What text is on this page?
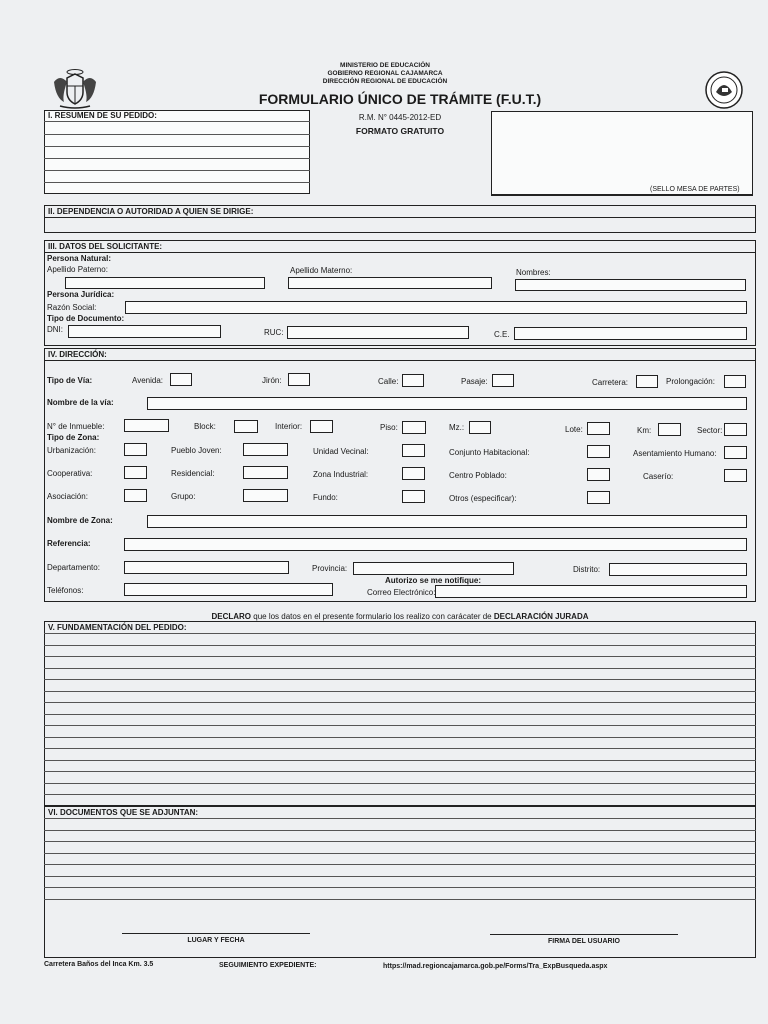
MINISTERIO DE EDUCACIÓN
GOBIERNO REGIONAL CAJAMARCA
DIRECCIÓN REGIONAL DE EDUCACIÓN
FORMULARIO ÚNICO DE TRÁMITE (F.U.T.)
I. RESUMEN DE SU PEDIDO:	R.M. N° 0445-2012-ED
FORMATO GRATUITO
(SELLO MESA DE PARTES)
II. DEPENDENCIA O AUTORIDAD A QUIEN SE DIRIGE:
III. DATOS DEL SOLICITANTE:
Persona Natural:
Apellido Paterno:	Apellido Materno:	Nombres:
Persona Jurídica:
Razón Social:
Tipo de Documento:
DNI:	RUC:	C.E.
IV. DIRECCIÓN:
Tipo de Vía:	Avenida:	Jirón:	Calle:	Pasaje:	Carretera:	Prolongación:
Nombre de la vía:
N° de Inmueble:	Block:	Interior:	Piso:	Mz.:	Lote:	Km:	Sector:
Tipo de Zona:
Urbanización:	Pueblo Joven:	Unidad Vecinal:	Conjunto Habitacional:	Asentamiento Humano:
Cooperativa:	Residencial:	Zona Industrial:	Centro Poblado:	Caserío:
Asociación:	Grupo:	Fundo:	Otros (especificar):
Nombre de Zona:
Referencia:
Departamento:	Provincia:	Distrito:
Autorizo se me notifique:
Teléfonos:	Correo Electrónico:
DECLARO que los datos en el presente formulario los realizo con carácater de DECLARACIÓN JURADA
V. FUNDAMENTACIÓN DEL PEDIDO:
VI. DOCUMENTOS QUE SE ADJUNTAN:
LUGAR Y FECHA	FIRMA DEL USUARIO
Carretera Baños del Inca Km. 3.5	SEGUIMIENTO EXPEDIENTE:	https://mad.regioncajamarca.gob.pe/Forms/Tra_ExpBusqueda.aspx
